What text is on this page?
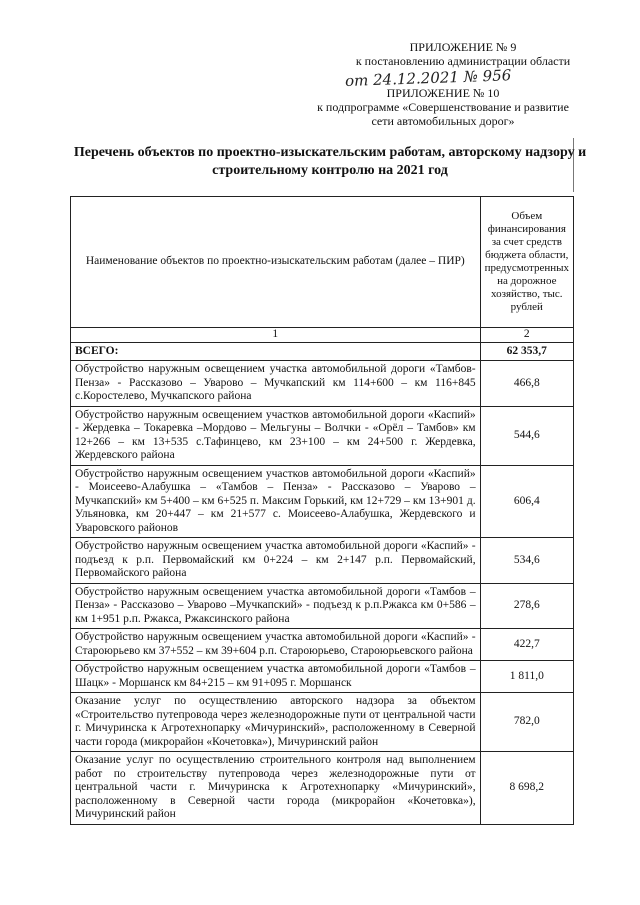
ПРИЛОЖЕНИЕ № 9
к постановлению администрации области
от 24.12.2021 № 956
ПРИЛОЖЕНИЕ № 10
к подпрограмме «Совершенствование и развитие
сети автомобильных дорог»
Перечень объектов по проектно-изыскательским работам, авторскому надзору и строительному контролю на 2021 год
Наименование объектов по проектно-изыскательским работам (далее – ПИР)	Объем финансирования за счет средств бюджета области, предусмотренных на дорожное хозяйство, тыс. рублей
1	2
ВСЕГО:	62 353,7
Обустройство наружным освещением участка автомобильной дороги «Тамбов-Пенза» - Рассказово – Уварово – Мучкапский км 114+600 – км 116+845 с.Коростелево, Мучкапского района	466,8
Обустройство наружным освещением участков автомобильной дороги «Каспий» - Жердевка – Токаревка –Мордово – Мельгуны – Волчки - «Орёл – Тамбов» км 12+266 – км 13+535 с.Тафинцево, км 23+100 – км 24+500 г. Жердевка, Жердевского района	544,6
Обустройство наружным освещением участков автомобильной дороги «Каспий» - Моисеево-Алабушка – «Тамбов – Пенза» - Рассказово – Уварово – Мучкапский» км 5+400 – км 6+525 п. Максим Горький, км 12+729 – км 13+901 д. Ульяновка, км 20+447 – км 21+577 с. Моисеево-Алабушка, Жердевского и Уваровского районов	606,4
Обустройство наружным освещением участка автомобильной дороги «Каспий» - подъезд к р.п. Первомайский км 0+224 – км 2+147 р.п. Первомайский, Первомайского района	534,6
Обустройство наружным освещением участка автомобильной дороги «Тамбов – Пенза» - Рассказово – Уварово –Мучкапский» - подъезд к р.п.Ржакса км 0+586 – км 1+951 р.п. Ржакса, Ржаксинского района	278,6
Обустройство наружным освещением участка автомобильной дороги «Каспий» - Староюрьево км 37+552 – км 39+604 р.п. Староюрьево, Староюрьевского района	422,7
Обустройство наружным освещением участка автомобильной дороги «Тамбов – Шацк» - Моршанск км 84+215 – км 91+095 г. Моршанск	1 811,0
Оказание услуг по осуществлению авторского надзора за объектом «Строительство путепровода через железнодорожные пути от центральной части г. Мичуринска к Агротехнопарку «Мичуринский», расположенному в Северной части города (микрорайон «Кочетовка»), Мичуринский район	782,0
Оказание услуг по осуществлению строительного контроля над выполнением работ по строительству путепровода через железнодорожные пути от центральной части г. Мичуринска к Агротехнопарку «Мичуринский», расположенному в Северной части города (микрорайон «Кочетовка»), Мичуринский район	8 698,2
